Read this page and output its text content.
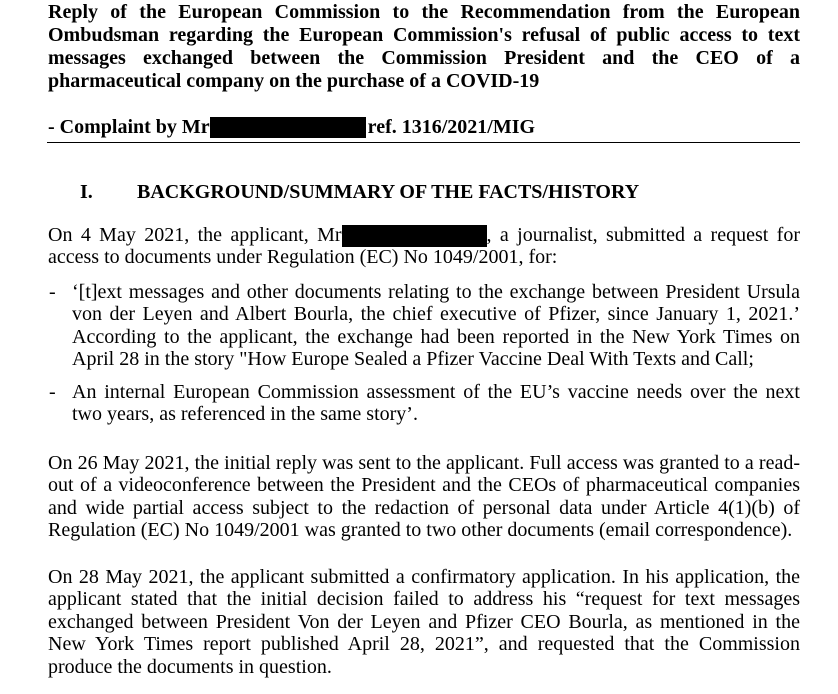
Reply of the European Commission to the Recommendation from the European
Ombudsman regarding the European Commission's refusal of public access to text
messages exchanged between the Commission President and the CEO of a
pharmaceutical company on the purchase of a COVID-19
- Complaint by Mr	ref. 1316/2021/MIG
I. BACKGROUND/SUMMARY OF THE FACTS/HISTORY
On 4 May 2021, the applicant, Mr	, a journalist, submitted a request for
access to documents under Regulation (EC) No 1049/2001, for:
- ‘[t]ext messages and other documents relating to the exchange between President Ursula
von der Leyen and Albert Bourla, the chief executive of Pfizer, since January 1, 2021.’
According to the applicant, the exchange had been reported in the New York Times on
April 28 in the story "How Europe Sealed a Pfizer Vaccine Deal With Texts and Call;
- An internal European Commission assessment of the EU’s vaccine needs over the next
two years, as referenced in the same story’.
On 26 May 2021, the initial reply was sent to the applicant. Full access was granted to a read-
out of a videoconference between the President and the CEOs of pharmaceutical companies
and wide partial access subject to the redaction of personal data under Article 4(1)(b) of
Regulation (EC) No 1049/2001 was granted to two other documents (email correspondence).
On 28 May 2021, the applicant submitted a confirmatory application. In his application, the
applicant stated that the initial decision failed to address his “request for text messages
exchanged between President Von der Leyen and Pfizer CEO Bourla, as mentioned in the
New York Times report published April 28, 2021”, and requested that the Commission
produce the documents in question.
